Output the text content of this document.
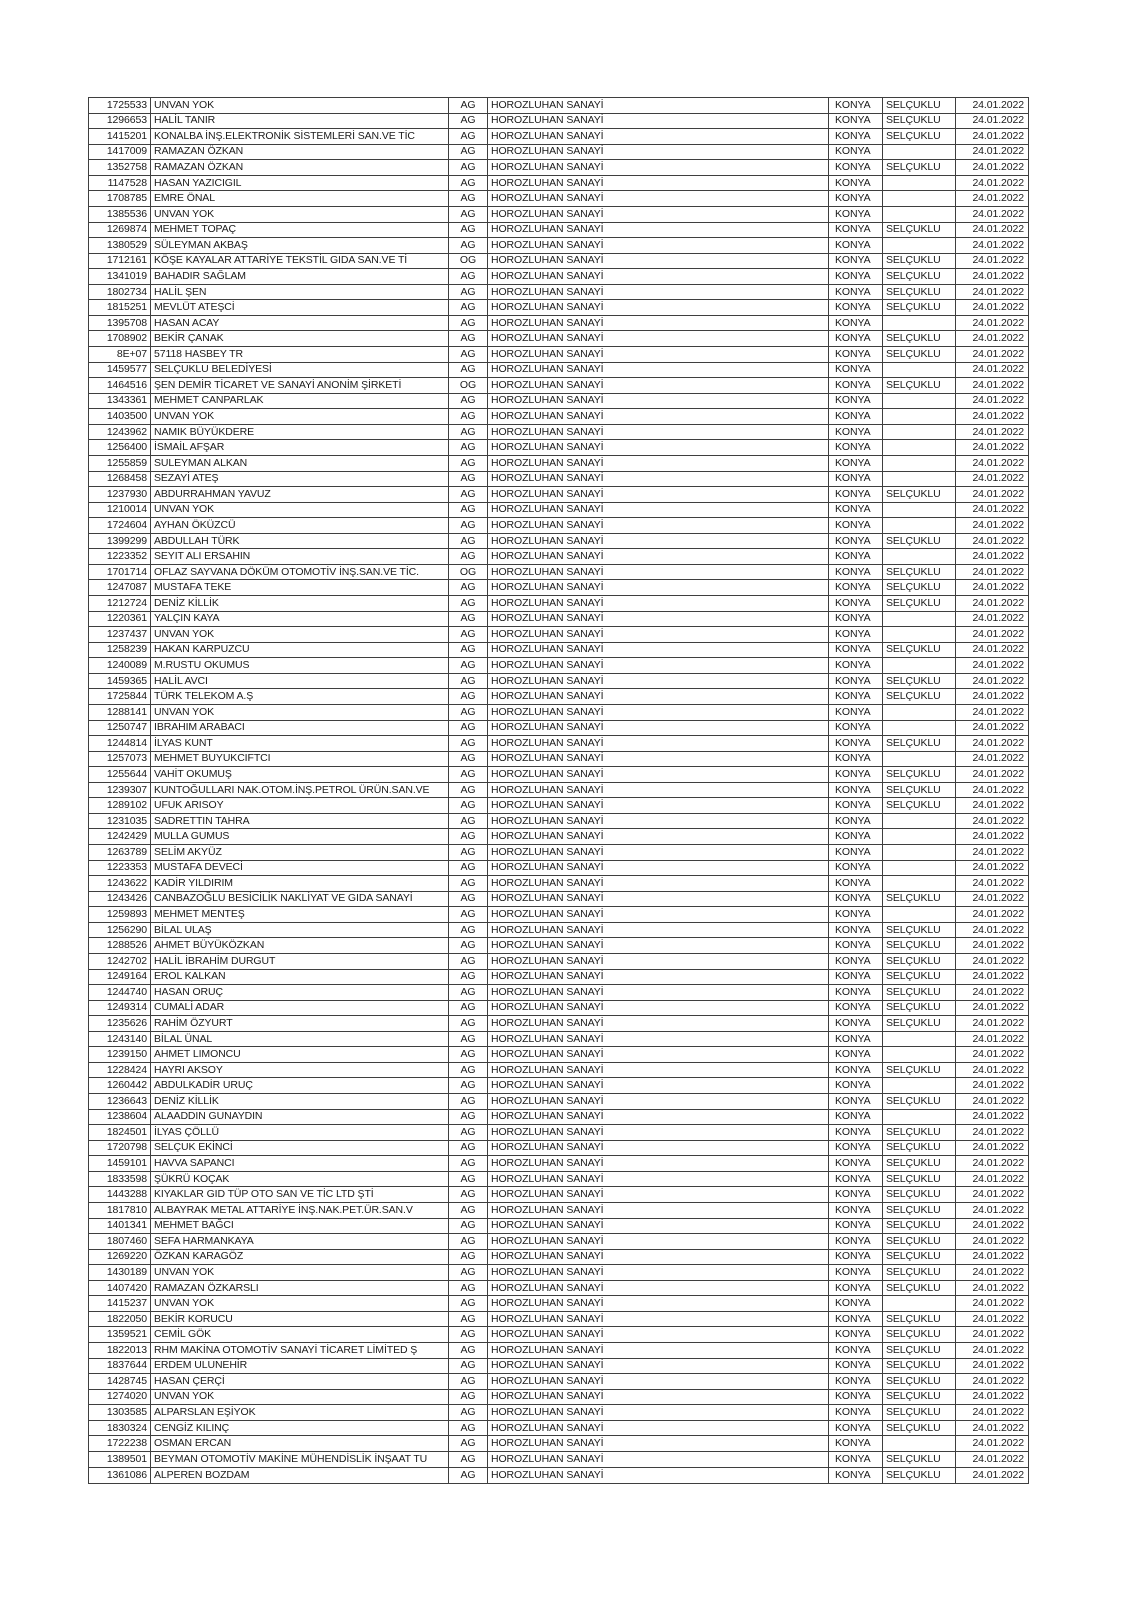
1725533	UNVAN YOK	AG	HOROZLUHAN SANAYİ	KONYA	SELÇUKLU	24.01.2022
1296653	HALİL TANIR	AG	HOROZLUHAN SANAYİ	KONYA	SELÇUKLU	24.01.2022
1415201	KONALBA İNŞ.ELEKTRONİK SİSTEMLERİ SAN.VE TİC	AG	HOROZLUHAN SANAYİ	KONYA	SELÇUKLU	24.01.2022
1417009	RAMAZAN ÖZKAN	AG	HOROZLUHAN SANAYİ	KONYA		24.01.2022
1352758	RAMAZAN ÖZKAN	AG	HOROZLUHAN SANAYİ	KONYA	SELÇUKLU	24.01.2022
1147528	HASAN YAZICIGIL	AG	HOROZLUHAN SANAYİ	KONYA		24.01.2022
1708785	EMRE ÖNAL	AG	HOROZLUHAN SANAYİ	KONYA		24.01.2022
1385536	UNVAN YOK	AG	HOROZLUHAN SANAYİ	KONYA		24.01.2022
1269874	MEHMET TOPAÇ	AG	HOROZLUHAN SANAYİ	KONYA	SELÇUKLU	24.01.2022
1380529	SÜLEYMAN AKBAŞ	AG	HOROZLUHAN SANAYİ	KONYA		24.01.2022
1712161	KÖŞE KAYALAR ATTARİYE TEKSTİL GIDA SAN.VE Tİ	OG	HOROZLUHAN SANAYİ	KONYA	SELÇUKLU	24.01.2022
1341019	BAHADIR SAĞLAM	AG	HOROZLUHAN SANAYİ	KONYA	SELÇUKLU	24.01.2022
1802734	HALİL ŞEN	AG	HOROZLUHAN SANAYİ	KONYA	SELÇUKLU	24.01.2022
1815251	MEVLÜT ATEŞCİ	AG	HOROZLUHAN SANAYİ	KONYA	SELÇUKLU	24.01.2022
1395708	HASAN ACAY	AG	HOROZLUHAN SANAYİ	KONYA		24.01.2022
1708902	BEKİR ÇANAK	AG	HOROZLUHAN SANAYİ	KONYA	SELÇUKLU	24.01.2022
8E+07	57118 HASBEY TR	AG	HOROZLUHAN SANAYİ	KONYA	SELÇUKLU	24.01.2022
1459577	SELÇUKLU BELEDİYESİ	AG	HOROZLUHAN SANAYİ	KONYA		24.01.2022
1464516	ŞEN DEMİR TİCARET VE SANAYİ ANONİM ŞİRKETİ	OG	HOROZLUHAN SANAYİ	KONYA	SELÇUKLU	24.01.2022
1343361	MEHMET CANPARLAK	AG	HOROZLUHAN SANAYİ	KONYA		24.01.2022
1403500	UNVAN YOK	AG	HOROZLUHAN SANAYİ	KONYA		24.01.2022
1243962	NAMIK BÜYÜKDERE	AG	HOROZLUHAN SANAYİ	KONYA		24.01.2022
1256400	İSMAİL AFŞAR	AG	HOROZLUHAN SANAYİ	KONYA		24.01.2022
1255859	SULEYMAN ALKAN	AG	HOROZLUHAN SANAYİ	KONYA		24.01.2022
1268458	SEZAYİ ATEŞ	AG	HOROZLUHAN SANAYİ	KONYA		24.01.2022
1237930	ABDURRAHMAN YAVUZ	AG	HOROZLUHAN SANAYİ	KONYA	SELÇUKLU	24.01.2022
1210014	UNVAN YOK	AG	HOROZLUHAN SANAYİ	KONYA		24.01.2022
1724604	AYHAN ÖKÜZCÜ	AG	HOROZLUHAN SANAYİ	KONYA		24.01.2022
1399299	ABDULLAH TÜRK	AG	HOROZLUHAN SANAYİ	KONYA	SELÇUKLU	24.01.2022
1223352	SEYIT ALI ERSAHIN	AG	HOROZLUHAN SANAYİ	KONYA		24.01.2022
1701714	OFLAZ SAYVANA DÖKÜM OTOMOTİV İNŞ.SAN.VE TİC.	OG	HOROZLUHAN SANAYİ	KONYA	SELÇUKLU	24.01.2022
1247087	MUSTAFA TEKE	AG	HOROZLUHAN SANAYİ	KONYA	SELÇUKLU	24.01.2022
1212724	DENİZ KİLLİK	AG	HOROZLUHAN SANAYİ	KONYA	SELÇUKLU	24.01.2022
1220361	YALÇIN KAYA	AG	HOROZLUHAN SANAYİ	KONYA		24.01.2022
1237437	UNVAN YOK	AG	HOROZLUHAN SANAYİ	KONYA		24.01.2022
1258239	HAKAN KARPUZCU	AG	HOROZLUHAN SANAYİ	KONYA	SELÇUKLU	24.01.2022
1240089	M.RUSTU OKUMUS	AG	HOROZLUHAN SANAYİ	KONYA		24.01.2022
1459365	HALİL AVCI	AG	HOROZLUHAN SANAYİ	KONYA	SELÇUKLU	24.01.2022
1725844	TÜRK TELEKOM A.Ş	AG	HOROZLUHAN SANAYİ	KONYA	SELÇUKLU	24.01.2022
1288141	UNVAN YOK	AG	HOROZLUHAN SANAYİ	KONYA		24.01.2022
1250747	IBRAHIM ARABACI	AG	HOROZLUHAN SANAYİ	KONYA		24.01.2022
1244814	İLYAS KUNT	AG	HOROZLUHAN SANAYİ	KONYA	SELÇUKLU	24.01.2022
1257073	MEHMET BUYUKCIFTCI	AG	HOROZLUHAN SANAYİ	KONYA		24.01.2022
1255644	VAHİT OKUMUŞ	AG	HOROZLUHAN SANAYİ	KONYA	SELÇUKLU	24.01.2022
1239307	KUNTOĞULLARI NAK.OTOM.İNŞ.PETROL ÜRÜN.SAN.VE	AG	HOROZLUHAN SANAYİ	KONYA	SELÇUKLU	24.01.2022
1289102	UFUK ARISOY	AG	HOROZLUHAN SANAYİ	KONYA	SELÇUKLU	24.01.2022
1231035	SADRETTIN TAHRA	AG	HOROZLUHAN SANAYİ	KONYA		24.01.2022
1242429	MULLA GUMUS	AG	HOROZLUHAN SANAYİ	KONYA		24.01.2022
1263789	SELİM AKYÜZ	AG	HOROZLUHAN SANAYİ	KONYA		24.01.2022
1223353	MUSTAFA DEVECİ	AG	HOROZLUHAN SANAYİ	KONYA		24.01.2022
1243622	KADİR YILDIRIM	AG	HOROZLUHAN SANAYİ	KONYA		24.01.2022
1243426	CANBAZOĞLU BESİCİLİK NAKLİYAT VE GIDA SANAYİ	AG	HOROZLUHAN SANAYİ	KONYA	SELÇUKLU	24.01.2022
1259893	MEHMET MENTEŞ	AG	HOROZLUHAN SANAYİ	KONYA		24.01.2022
1256290	BİLAL ULAŞ	AG	HOROZLUHAN SANAYİ	KONYA	SELÇUKLU	24.01.2022
1288526	AHMET BÜYÜKÖZKAN	AG	HOROZLUHAN SANAYİ	KONYA	SELÇUKLU	24.01.2022
1242702	HALİL İBRAHİM DURGUT	AG	HOROZLUHAN SANAYİ	KONYA	SELÇUKLU	24.01.2022
1249164	EROL KALKAN	AG	HOROZLUHAN SANAYİ	KONYA	SELÇUKLU	24.01.2022
1244740	HASAN ORUÇ	AG	HOROZLUHAN SANAYİ	KONYA	SELÇUKLU	24.01.2022
1249314	CUMALİ ADAR	AG	HOROZLUHAN SANAYİ	KONYA	SELÇUKLU	24.01.2022
1235626	RAHİM ÖZYURT	AG	HOROZLUHAN SANAYİ	KONYA	SELÇUKLU	24.01.2022
1243140	BİLAL ÜNAL	AG	HOROZLUHAN SANAYİ	KONYA		24.01.2022
1239150	AHMET LIMONCU	AG	HOROZLUHAN SANAYİ	KONYA		24.01.2022
1228424	HAYRI AKSOY	AG	HOROZLUHAN SANAYİ	KONYA	SELÇUKLU	24.01.2022
1260442	ABDULKADİR URUÇ	AG	HOROZLUHAN SANAYİ	KONYA		24.01.2022
1236643	DENİZ KİLLİK	AG	HOROZLUHAN SANAYİ	KONYA	SELÇUKLU	24.01.2022
1238604	ALAADDIN GUNAYDIN	AG	HOROZLUHAN SANAYİ	KONYA		24.01.2022
1824501	İLYAS ÇÖLLÜ	AG	HOROZLUHAN SANAYİ	KONYA	SELÇUKLU	24.01.2022
1720798	SELÇUK EKİNCİ	AG	HOROZLUHAN SANAYİ	KONYA	SELÇUKLU	24.01.2022
1459101	HAVVA SAPANCI	AG	HOROZLUHAN SANAYİ	KONYA	SELÇUKLU	24.01.2022
1833598	ŞÜKRÜ KOÇAK	AG	HOROZLUHAN SANAYİ	KONYA	SELÇUKLU	24.01.2022
1443288	KIYAKLAR GID TÜP OTO SAN VE TİC LTD ŞTİ	AG	HOROZLUHAN SANAYİ	KONYA	SELÇUKLU	24.01.2022
1817810	ALBAYRAK METAL ATTARİYE İNŞ.NAK.PET.ÜR.SAN.V	AG	HOROZLUHAN SANAYİ	KONYA	SELÇUKLU	24.01.2022
1401341	MEHMET BAĞCI	AG	HOROZLUHAN SANAYİ	KONYA	SELÇUKLU	24.01.2022
1807460	SEFA HARMANKAYA	AG	HOROZLUHAN SANAYİ	KONYA	SELÇUKLU	24.01.2022
1269220	ÖZKAN KARAGÖZ	AG	HOROZLUHAN SANAYİ	KONYA	SELÇUKLU	24.01.2022
1430189	UNVAN YOK	AG	HOROZLUHAN SANAYİ	KONYA	SELÇUKLU	24.01.2022
1407420	RAMAZAN ÖZKARSLI	AG	HOROZLUHAN SANAYİ	KONYA	SELÇUKLU	24.01.2022
1415237	UNVAN YOK	AG	HOROZLUHAN SANAYİ	KONYA		24.01.2022
1822050	BEKİR KORUCU	AG	HOROZLUHAN SANAYİ	KONYA	SELÇUKLU	24.01.2022
1359521	CEMİL GÖK	AG	HOROZLUHAN SANAYİ	KONYA	SELÇUKLU	24.01.2022
1822013	RHM MAKİNA OTOMOTİV SANAYİ TİCARET LİMİTED Ş	AG	HOROZLUHAN SANAYİ	KONYA	SELÇUKLU	24.01.2022
1837644	ERDEM ULUNEHİR	AG	HOROZLUHAN SANAYİ	KONYA	SELÇUKLU	24.01.2022
1428745	HASAN ÇERÇİ	AG	HOROZLUHAN SANAYİ	KONYA	SELÇUKLU	24.01.2022
1274020	UNVAN YOK	AG	HOROZLUHAN SANAYİ	KONYA	SELÇUKLU	24.01.2022
1303585	ALPARSLAN EŞİYOK	AG	HOROZLUHAN SANAYİ	KONYA	SELÇUKLU	24.01.2022
1830324	CENGİZ KILINÇ	AG	HOROZLUHAN SANAYİ	KONYA	SELÇUKLU	24.01.2022
1722238	OSMAN ERCAN	AG	HOROZLUHAN SANAYİ	KONYA		24.01.2022
1389501	BEYMAN OTOMOTİV MAKİNE MÜHENDİSLİK İNŞAAT TU	AG	HOROZLUHAN SANAYİ	KONYA	SELÇUKLU	24.01.2022
1361086	ALPEREN BOZDAM	AG	HOROZLUHAN SANAYİ	KONYA	SELÇUKLU	24.01.2022
